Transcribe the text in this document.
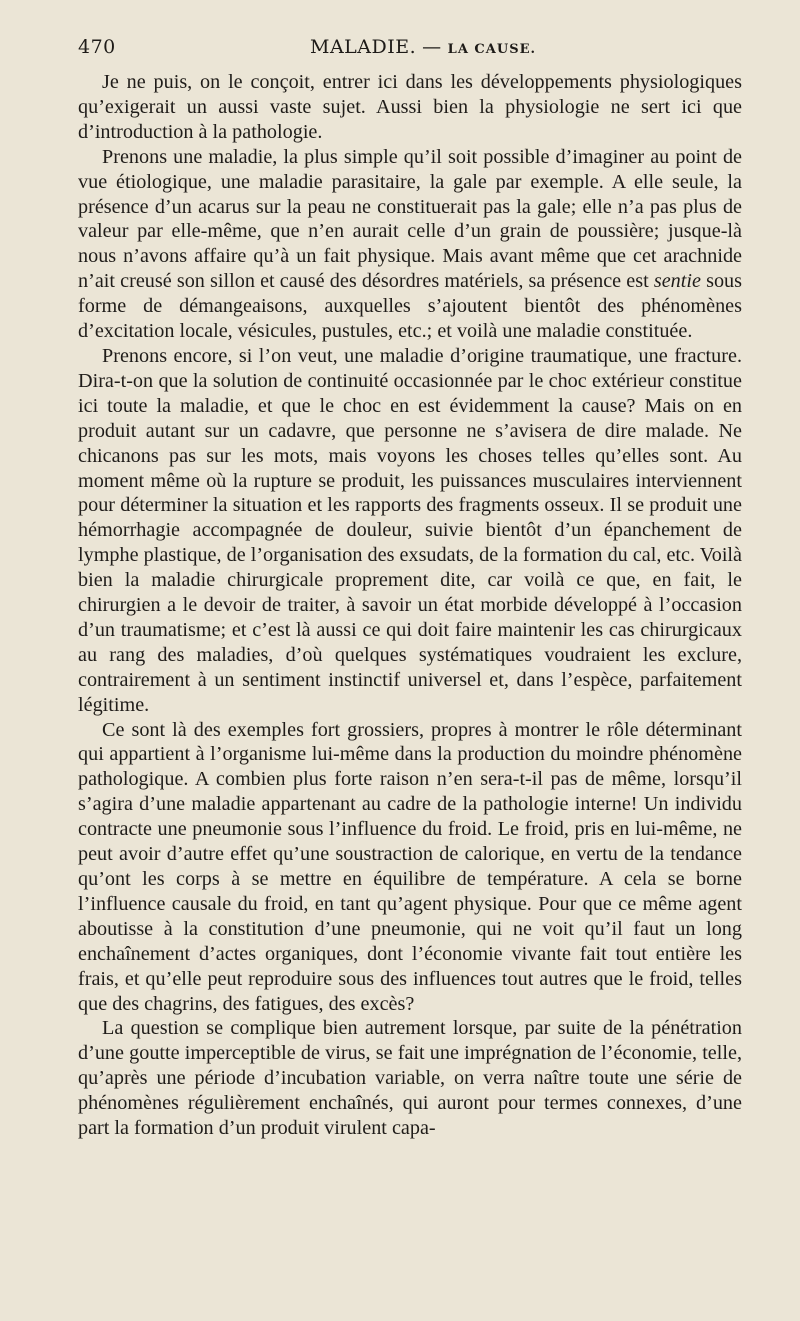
470	MALADIE. — LA CAUSE.

Je ne puis, on le conçoit, entrer ici dans les développements physiologiques qu’exigerait un aussi vaste sujet. Aussi bien la physiologie ne sert ici que d’introduction à la pathologie.

Prenons une maladie, la plus simple qu’il soit possible d’imaginer au point de vue étiologique, une maladie parasitaire, la gale par exemple. A elle seule, la présence d’un acarus sur la peau ne constituerait pas la gale; elle n’a pas plus de valeur par elle-même, que n’en aurait celle d’un grain de poussière; jusque-là nous n’avons affaire qu’à un fait physique. Mais avant même que cet arachnide n’ait creusé son sillon et causé des désordres matériels, sa présence est sentie sous forme de démangeaisons, auxquelles s’ajoutent bientôt des phénomènes d’excitation locale, vésicules, pustules, etc.; et voilà une maladie constituée.

Prenons encore, si l’on veut, une maladie d’origine traumatique, une fracture. Dira-t-on que la solution de continuité occasionnée par le choc extérieur constitue ici toute la maladie, et que le choc en est évidemment la cause? Mais on en produit autant sur un cadavre, que personne ne s’avisera de dire malade. Ne chicanons pas sur les mots, mais voyons les choses telles qu’elles sont. Au moment même où la rupture se produit, les puissances musculaires interviennent pour déterminer la situation et les rapports des fragments osseux. Il se produit une hémorrhagie accompagnée de douleur, suivie bientôt d’un épanchement de lymphe plastique, de l’organisation des exsudats, de la formation du cal, etc. Voilà bien la maladie chirurgicale proprement dite, car voilà ce que, en fait, le chirurgien a le devoir de traiter, à savoir un état morbide développé à l’occasion d’un traumatisme; et c’est là aussi ce qui doit faire maintenir les cas chirurgicaux au rang des maladies, d’où quelques systématiques voudraient les exclure, contrairement à un sentiment instinctif universel et, dans l’espèce, parfaitement légitime.

Ce sont là des exemples fort grossiers, propres à montrer le rôle déterminant qui appartient à l’organisme lui-même dans la production du moindre phénomène pathologique. A combien plus forte raison n’en sera-t-il pas de même, lorsqu’il s’agira d’une maladie appartenant au cadre de la pathologie interne! Un individu contracte une pneumonie sous l’influence du froid. Le froid, pris en lui-même, ne peut avoir d’autre effet qu’une soustraction de calorique, en vertu de la tendance qu’ont les corps à se mettre en équilibre de température. A cela se borne l’influence causale du froid, en tant qu’agent physique. Pour que ce même agent aboutisse à la constitution d’une pneumonie, qui ne voit qu’il faut un long enchaînement d’actes organiques, dont l’économie vivante fait tout entière les frais, et qu’elle peut reproduire sous des influences tout autres que le froid, telles que des chagrins, des fatigues, des excès?

La question se complique bien autrement lorsque, par suite de la pénétration d’une goutte imperceptible de virus, se fait une imprégnation de l’économie, telle, qu’après une période d’incubation variable, on verra naître toute une série de phénomènes régulièrement enchaînés, qui auront pour termes connexes, d’une part la formation d’un produit virulent capa-
